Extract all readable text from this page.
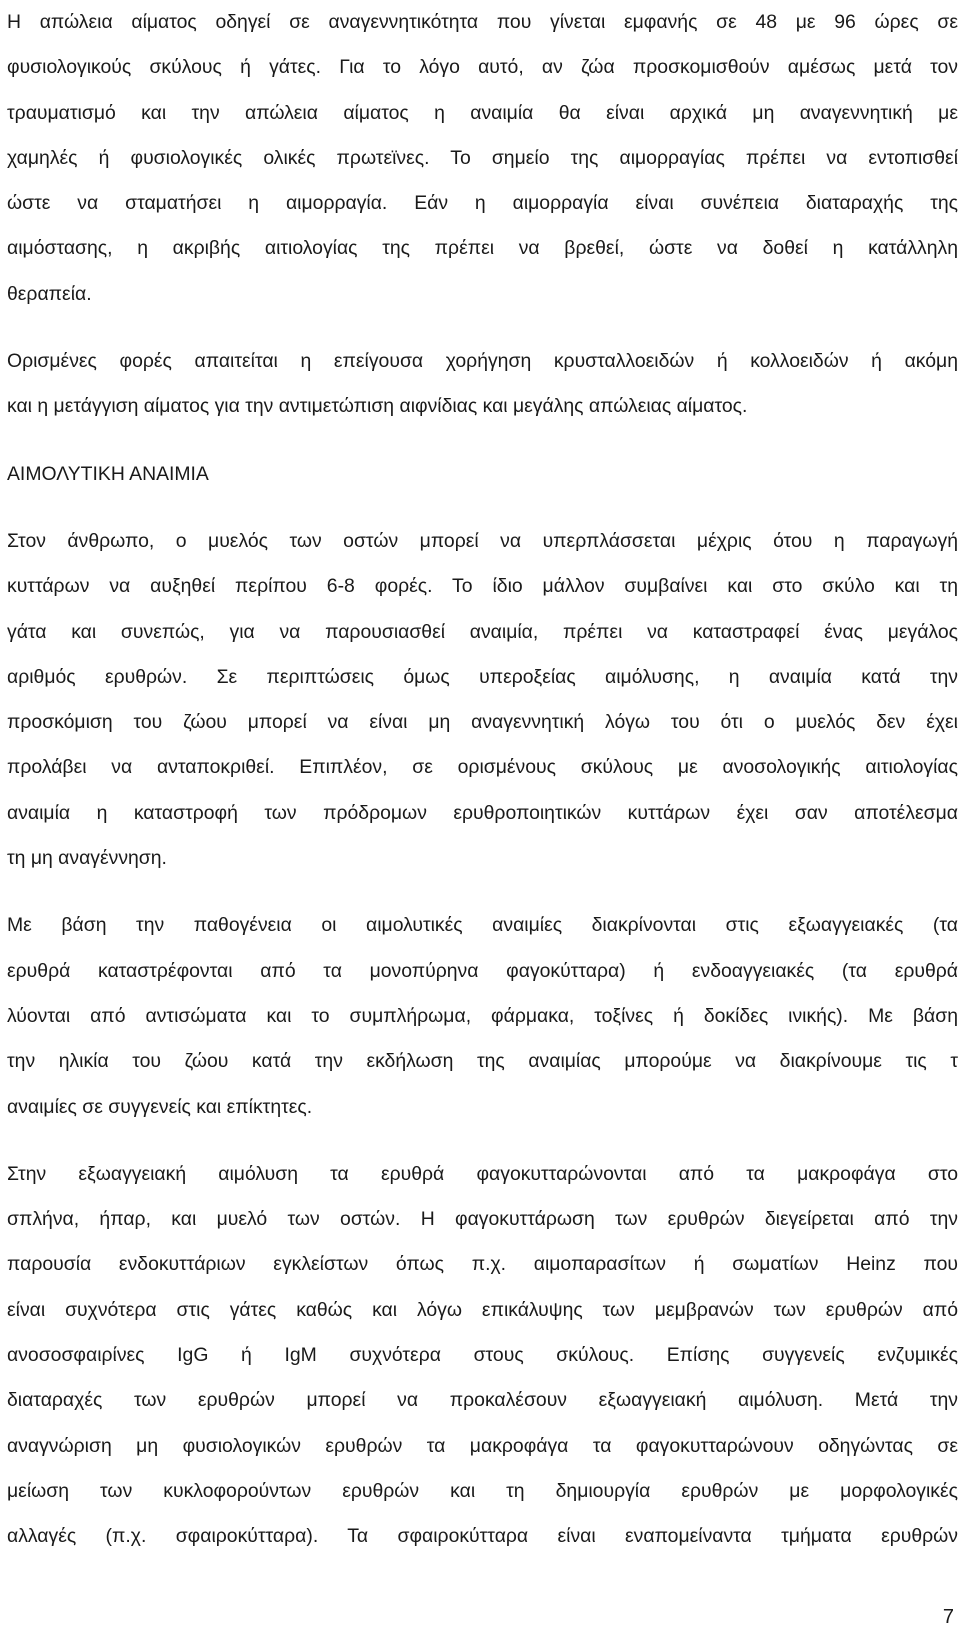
Η απώλεια αίματος οδηγεί σε αναγεννητικότητα που γίνεται εμφανής σε 48 με 96 ώρες σε
φυσιολογικούς σκύλους ή γάτες. Για το λόγο αυτό, αν ζώα προσκομισθούν αμέσως μετά τον
τραυματισμό και την απώλεια αίματος η αναιμία θα είναι αρχικά μη αναγεννητική με
χαμηλές ή φυσιολογικές ολικές πρωτεϊνες. Το σημείο της αιμορραγίας πρέπει να εντοπισθεί
ώστε να σταματήσει η αιμορραγία. Εάν η αιμορραγία είναι συνέπεια διαταραχής της
αιμόστασης, η ακριβής αιτιολογίας της πρέπει να βρεθεί, ώστε να δοθεί η κατάλληλη
θεραπεία.
Ορισμένες φορές απαιτείται η επείγουσα χορήγηση κρυσταλλοειδών ή κολλοειδών ή ακόμη
και η μετάγγιση αίματος για την αντιμετώπιση αιφνίδιας και μεγάλης απώλειας αίματος.
ΑΙΜΟΛΥΤΙΚΗ ΑΝΑΙΜΙΑ
Στον άνθρωπο, ο μυελός των οστών μπορεί να υπερπλάσσεται μέχρις ότου η παραγωγή
κυττάρων να αυξηθεί περίπου 6-8 φορές. Το ίδιο μάλλον συμβαίνει και στο σκύλο και τη
γάτα και συνεπώς, για να παρουσιασθεί αναιμία, πρέπει να καταστραφεί ένας μεγάλος
αριθμός ερυθρών. Σε περιπτώσεις όμως υπεροξείας αιμόλυσης, η αναιμία κατά την
προσκόμιση του ζώου μπορεί να είναι μη αναγεννητική λόγω του ότι ο μυελός δεν έχει
προλάβει να ανταποκριθεί. Επιπλέον, σε ορισμένους σκύλους με ανοσολογικής αιτιολογίας
αναιμία η καταστροφή των πρόδρομων ερυθροποιητικών κυττάρων έχει σαν αποτέλεσμα
τη μη αναγέννηση.
Με βάση την παθογένεια οι αιμολυτικές αναιμίες διακρίνονται στις εξωαγγειακές (τα
ερυθρά καταστρέφονται από τα μονοπύρηνα φαγοκύτταρα) ή ενδοαγγειακές (τα ερυθρά
λύονται από αντισώματα και το συμπλήρωμα, φάρμακα, τοξίνες ή δοκίδες ινικής). Με βάση
την ηλικία του ζώου κατά την εκδήλωση της αναιμίας μπορούμε να διακρίνουμε τις τ
αναιμίες σε συγγενείς και επίκτητες.
Στην εξωαγγειακή αιμόλυση τα ερυθρά φαγοκυτταρώνονται από τα μακροφάγα στο
σπλήνα, ήπαρ, και μυελό των οστών. Η φαγοκυττάρωση των ερυθρών διεγείρεται από την
παρουσία ενδοκυττάριων εγκλείστων όπως π.χ. αιμοπαρασίτων ή σωματίων Heinz που
είναι συχνότερα στις γάτες καθώς και λόγω επικάλυψης των μεμβρανών των ερυθρών από
ανοσοσφαιρίνες IgG ή IgM συχνότερα στους σκύλους. Επίσης συγγενείς ενζυμικές
διαταραχές των ερυθρών μπορεί να προκαλέσουν εξωαγγειακή αιμόλυση. Μετά την
αναγνώριση μη φυσιολογικών ερυθρών τα μακροφάγα τα φαγοκυτταρώνουν οδηγώντας σε
μείωση των κυκλοφορούντων ερυθρών και τη δημιουργία ερυθρών με μορφολογικές
αλλαγές (π.χ. σφαιροκύτταρα). Τα σφαιροκύτταρα είναι εναπομείναντα τμήματα ερυθρών
7
